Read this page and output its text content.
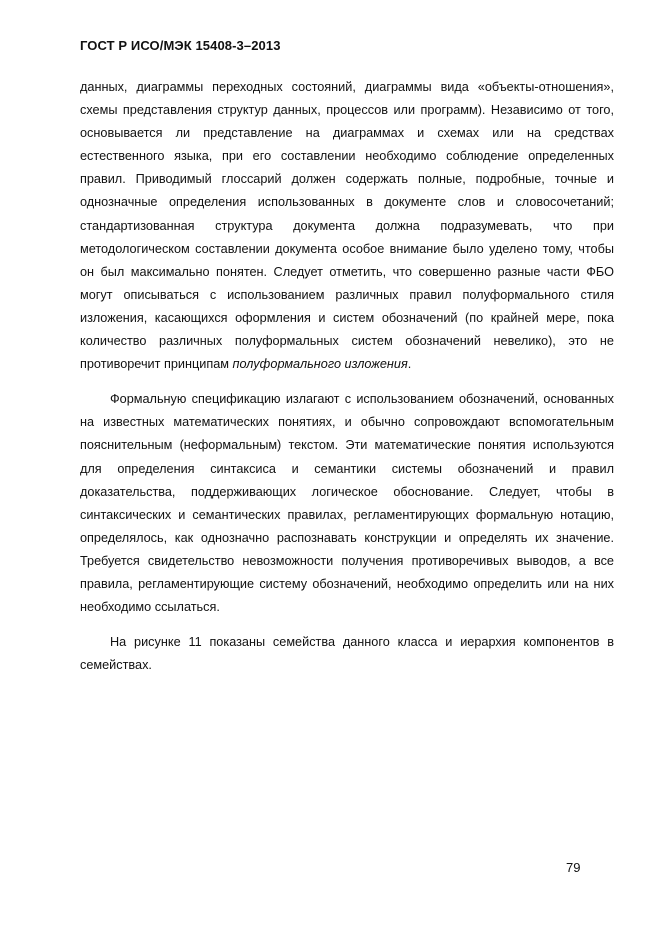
ГОСТ Р ИСО/МЭК 15408-3–2013

данных, диаграммы переходных состояний, диаграммы вида «объекты-отношения», схемы представления структур данных, процессов или программ). Независимо от того, основывается ли представление на диаграммах и схемах или на средствах естественного языка, при его составлении необходимо соблюдение определенных правил. Приводимый глоссарий должен содержать полные, подробные, точные и однозначные определения использованных в документе слов и словосочетаний; стандартизованная структура документа должна подразумевать, что при методологическом составлении документа особое внимание было уделено тому, чтобы он был максимально понятен. Следует отметить, что совершенно разные части ФБО могут описываться с использованием различных правил полуформального стиля изложения, касающихся оформления и систем обозначений (по крайней мере, пока количество различных полуформальных систем обозначений невелико), это не противоречит принципам полуформального изложения.

Формальную спецификацию излагают с использованием обозначений, основанных на известных математических понятиях, и обычно сопровождают вспомогательным пояснительным (неформальным) текстом. Эти математические понятия используются для определения синтаксиса и семантики системы обозначений и правил доказательства, поддерживающих логическое обоснование. Следует, чтобы в синтаксических и семантических правилах, регламентирующих формальную нотацию, определялось, как однозначно распознавать конструкции и определять их значение. Требуется свидетельство невозможности получения противоречивых выводов, а все правила, регламентирующие систему обозначений, необходимо определить или на них необходимо ссылаться.

На рисунке 11 показаны семейства данного класса и иерархия компонентов в семействах.

79
